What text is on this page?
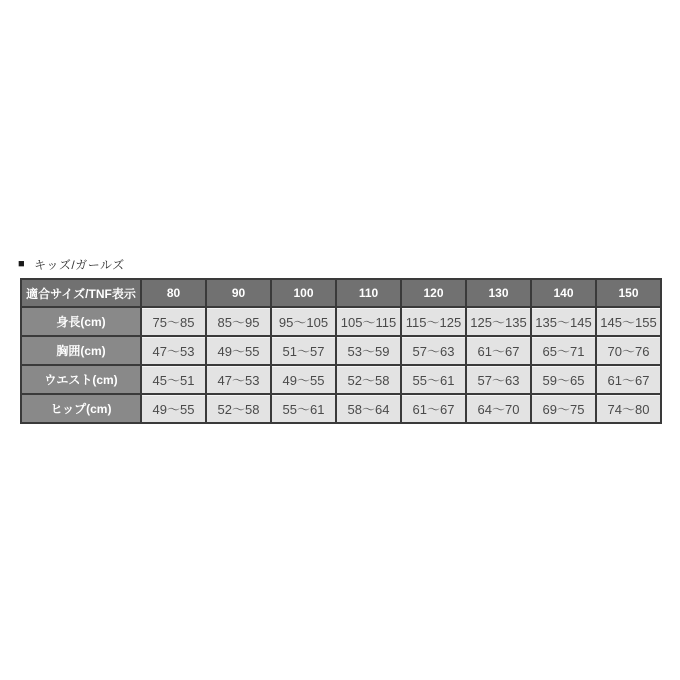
■ キッズ/ガールズ
適合サイズ/TNF表示	80	90	100	110	120	130	140	150
身長(cm)	75〜85	85〜95	95〜105	105〜115	115〜125	125〜135	135〜145	145〜155
胸囲(cm)	47〜53	49〜55	51〜57	53〜59	57〜63	61〜67	65〜71	70〜76
ウエスト(cm)	45〜51	47〜53	49〜55	52〜58	55〜61	57〜63	59〜65	61〜67
ヒップ(cm)	49〜55	52〜58	55〜61	58〜64	61〜67	64〜70	69〜75	74〜80
